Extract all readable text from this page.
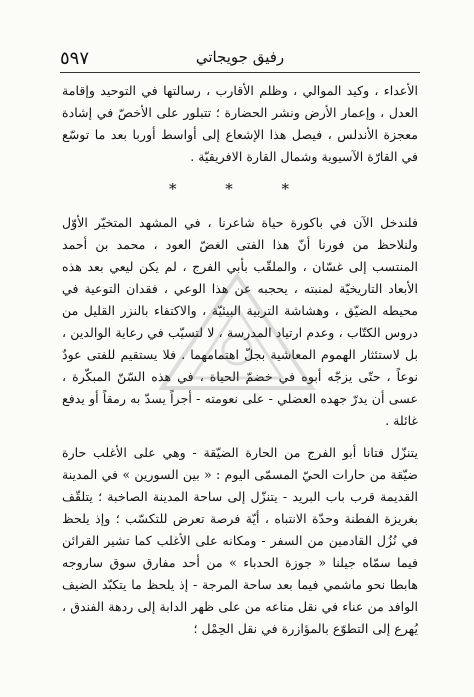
٥٩٧	رفيق جويجاتي

الأعداء ، وكيد الموالي ، وظلم الأقارب ، رسالتها في التوحيد وإقامة العدل ، وإعمار الأرض ونشر الحضارة ؛ تتبلور على الأخصّ في إشادة معجزة الأندلس ، فيصل هذا الإشعاع إلى أواسط أوربا بعد ما توسّع في القارّة الآسيوية وشمال القارة الافريقيّة .

* * *

فلندخل الآن في باكورة حياة شاعرنا ، في المشهد المتخيّر الأوّل ولنلاحظ من فورنا أنّ هذا الفتى الغضّ العود ، محمد بن أحمد المنتسب إلى غسّان ، والملقّب بأبي الفرج ، لم يكن ليعي بعد هذه الأبعاد التاريخيّة لمنبته ، يحجبه عن هذا الوعي ، فقدان التوعية في محيطه الضيّق ، وهشاشة التربية البيئيّة ، والاكتفاء بالنزر القليل من دروس الكتّاب ، وعدم ارتياد المدرسة ، لا لتسيّب في رعاية الوالدين ، بل لاستئثار الهموم المعاشية بجلّ اهتمامهما . فلا يستقيم للفتى عودٌ نوعاً ، حتّى يزجّه أبوه في خضمّ الحياة ، في هذه السّنّ المبكّرة ، عسى أن يدرّ جهده العضلي - على نعومته - أجراً يسدّ به رمقاً أو يدفع غائلة .

يتنزّل فتانا أبو الفرج من الحارة الضيّقة - وهي على الأغلب حارة ضيّقة من حارات الحيّ المسمّى اليوم : « بين السورين » في المدينة القديمة قرب باب البريد - يتنزّل إلى ساحة المدينة الصاخبة ؛ يتلقّف بغريزة الفطنة وحدّة الانتباه ، أيّة فرصة تعرض للتكسّب ؛ وإذ يلحظ في نُزُل القادمين من السفر - ومكانه على الأغلب كما تشير القرائن فيما سمّاه جيلنا « جوزة الحدباء » من أحد مفارق سوق ساروجه هابطا نحو ماشمي فيما بعد ساحة المرجة - إذ يلحظ ما يتكبّد الضيف الوافد من عناء في نقل متاعه من على ظهر الدابة إلى ردهة الفندق ، يُهرع إلى التطوّع بالمؤازرة في نقل الحِمْل ؛
